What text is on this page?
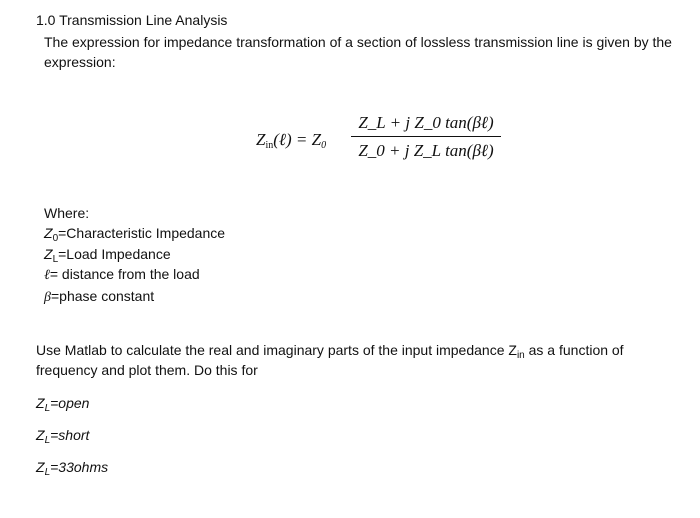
1.0 Transmission Line Analysis
The expression for impedance transformation of a section of lossless transmission line is given by the
expression:
$Z_{in}(\ell) = Z_0$
Z_L + j Z_0 tan(βℓ)
Z_0 + j Z_L tan(βℓ)
Where:
$Z_0=Characteristic$ Impedance
$Z_L=Load$ Impedance
ℓ= distance from the load
β=phase constant
Use Matlab to calculate the real and imaginary parts of the input impedance $Z_{in}$ as a function of
frequency and plot them. Do this for
$Z_L=open$
$Z_L=short$
$Z_L=33ohms$
